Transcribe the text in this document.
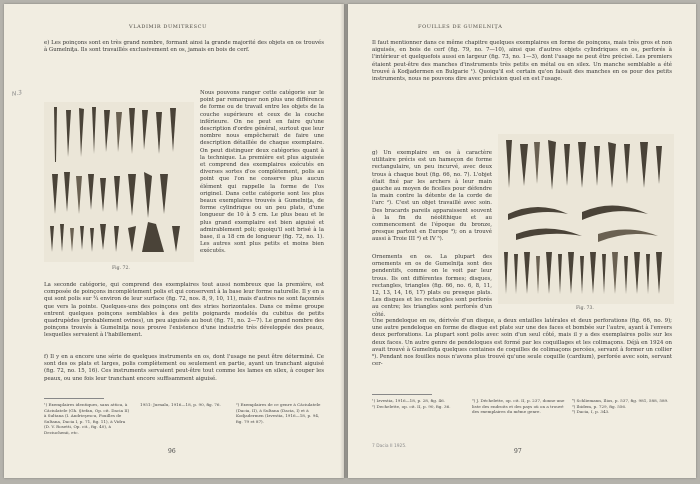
VLADIMIR DUMITRESCU
N.3
e) Les poinçons sont en très grand nombre, formant ainsi la grande majorité des objets en os trouvés à Gumelniţa. Ils sont travaillés exclusivement en os, jamais en bois de cerf.
Fig. 72.
Nous pouvons ranger cette catégorie sur le point par remarquer non plus une différence de forme ou de travail entre les objets de la couche supérieure et ceux de la couche inférieure. On ne peut en faire qu'une description d'ordre général, surtout que leur nombre nous empêcherait de faire une description détaillée de chaque exemplaire. On peut distinguer deux catégories quant à la technique. La première est plus aiguisée et comprend des exemplaires exécutés en diverses sortes d'os complètement, polis au point que l'on ne conserve plus aucun élément qui rappelle la forme de l'os originel. Dans cette catégorie sont les plus beaux exemplaires trouvés à Gumelniţa, de forme cylindrique ou un peu plats, d'une longueur de 10 à 5 cm. Le plus beau et le plus grand exemplaire est bien aiguisé et admirablement poli; quoiqu'il soit brisé à la base, il a 18 cm de longueur (fig. 72, no. 1). Les autres sont plus petits et moins bien exécutés.
La seconde catégorie, qui comprend des exemplaires tout aussi nombreux que la première, est composée de poinçons incomplètement polis et qui conservent à la base leur forme naturelle. Il y en a qui sont polis sur ¾ environ de leur surface (fig. 72, nos. 8, 9, 10, 11), mais d'autres ne sont façonnés que vers la pointe. Quelques-uns des poinçons ont des stries horizontales. Dans ce même groupe entrent quelques poinçons semblables à des petits poignards modelés du cubitus de petits quadrupèdes (probablement ovines), un peu aiguisés au bout (fig. 71, no. 2—7). Le grand nombre des poinçons trouvés à Gumelniţa nous prouve l'existence d'une industrie très développée des peaux, lesquelles servaient à l'habillement.
f) Il y en a encore une série de quelques instruments en os, dont l'usage ne peut être déterminé. Ce sont des os plats et larges, polis complètement ou seulement en partie, ayant un tranchant aiguisé (fig. 72, no. 15, 16). Ces instruments servaient peut-être tout comme les lames en silex, à couper les peaux, ou une fois leur tranchant encore suffisamment aiguisé.
¹) Exemplaires identiques, sans attica, à Căciulatele (Gh. Ştefan, Op. cit. Dacia II) à Sultana (I. Andrieşescu, Fouilles de Sultana, Dacia I, p. 71, fig. 11), à Vidra (D. V. Rosetti, Op. cit., fig. 40), à Deciuchenii, etc.
1951: Jurnalu, 1916—18, p. 90, fig. 76.	²) Exemplaires de ce genre à Căciulatele (Dacia, II), à Sultana (Dacia, I) et à Kodjadermen (Izvestia, 1916—18, p. 94, fig. 79 et 87).
96
FOUILLES DE GUMELNIŢA
Il faut mentionner dans ce même chapitre quelques exemplaires en forme de poinçons, mais très gros et non aiguisés, en bois de cerf (fig. 79, no. 7—10), ainsi que d'autres objets cylindriques en os, perforés à l'intérieur et quelquefois aussi en largeur (fig. 73, no. 1—3), dont l'usage ne peut être précisé. Les premiers étaient peut-être des manches d'instruments très petits en métal ou en silex. Un manche semblable a été trouvé à Kodjadermen en Bulgarie ¹). Quoiqu'il est certain qu'on faisait des manches en os pour des petits instruments, nous ne pouvons dire avec précision quel en est l'usage.
g) Un exemplaire en os à caractère utilitaire précis est un hameçon de forme rectangulaire, un peu incurvé, avec deux trous à chaque bout (fig. 66, no. 7). L'objet était fixé par les archers à leur main gauche au moyen de ficelles pour défendre la main contre la détente de la corde de l'arc ²). C'est un objet travaillé avec soin. Des bracards pareils apparaissent souvent à la fin du néolithique et au commencement de l'époque du bronze, presque partout en Europe ³); on a trouvé aussi à Troie III ⁴) et IV ⁵).
Ornements en os. La plupart des ornements en os de Gumelniţa sont des pendentifs, comme on le voit par leur trous. Ils ont différentes formes; disques, rectangles, triangles (fig. 66, no. 6, 8, 11, 12, 13, 14, 16, 17) plats ou presque plats. Les disques et les rectangles sont perforés au centre; les triangles sont perforés d'un côté.
Fig. 73.
Une pendeloque en os, dérivée d'un disque, a deux entailles latérales et deux perforations (fig. 66, no. 9); une autre pendeloque en forme de disque est plate sur une des faces et bombée sur l'autre, ayant à l'envers deux perforations. La plupart sont polis avec soin d'un seul côté, mais il y a des exemplaires polis sur les deux faces. Un autre genre de pendeloques est formé par les coquillages et les colimaçons. Déjà en 1924 on avait trouvé à Gumelniţa quelques centaines de coquilles de colimaçons percées, servant à former un collier ⁶). Pendant nos fouilles nous n'avons plus trouvé qu'une seule coquille (cardium), perforée avec soin, servant cer-
¹) Izvestia, 1916—18, p. 28, fig. 46.
²) Dechelette, op. cit. II, p. 90, fig. 36.
³) J. Déchelette, op. cit. II, p. 237, donne une liste des endroits et des pays où on a trouvé des exemplaires du même genre.
⁴) Schliemann, Ilios, p. 537, fig. 981, 588, 589.
⁵) Ibidem, p. 729, fig. 556.
⁶) Dacia, I, p. 343.
7 Dacia II 1925.
97
